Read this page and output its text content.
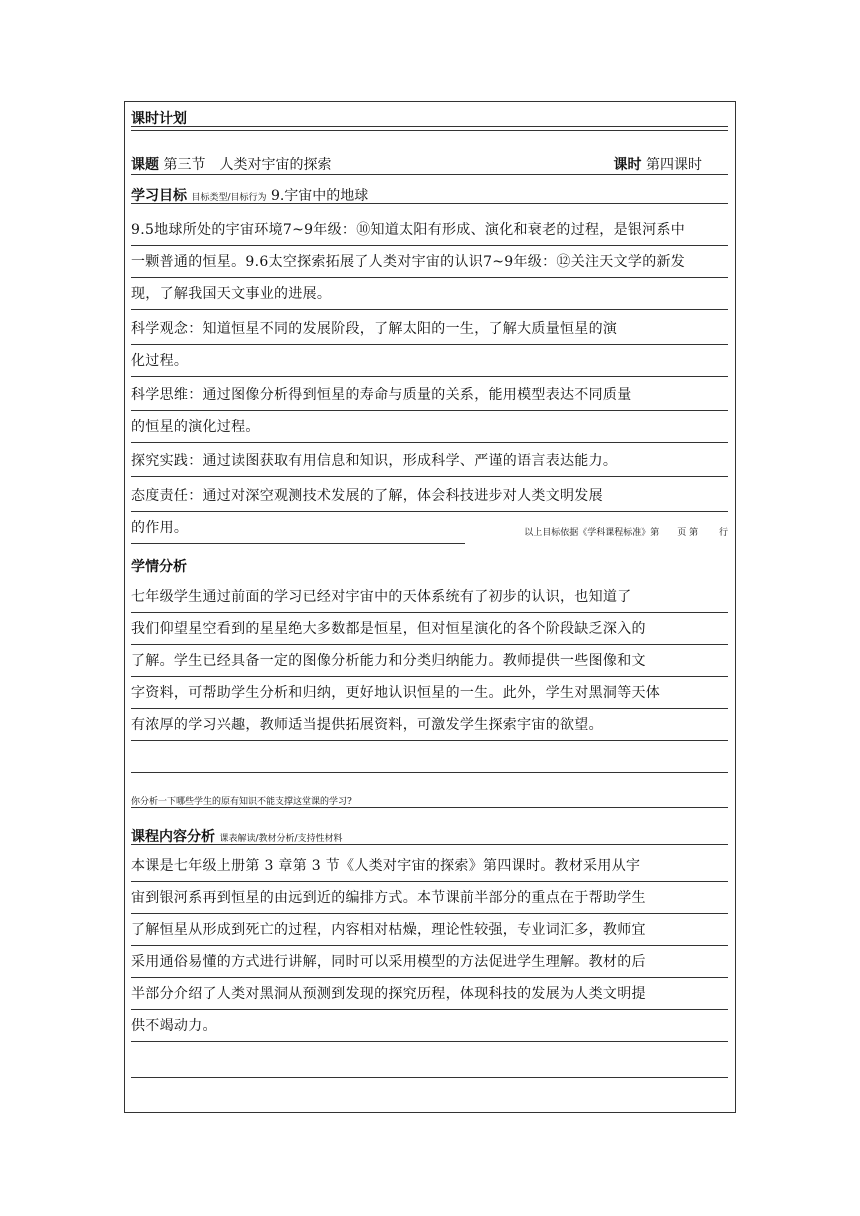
课时计划
课题 第三节　人类对宇宙的探索	课时 第四课时
学习目标 目标类型/目标行为 9.宇宙中的地球
9.5地球所处的宇宙环境7~9年级：⑩知道太阳有形成、演化和衰老的过程，是银河系中
一颗普通的恒星。9.6太空探索拓展了人类对宇宙的认识7~9年级：⑫关注天文学的新发
现，了解我国天文事业的进展。
科学观念：知道恒星不同的发展阶段，了解太阳的一生，了解大质量恒星的演
化过程。
科学思维：通过图像分析得到恒星的寿命与质量的关系，能用模型表达不同质量
的恒星的演化过程。
探究实践：通过读图获取有用信息和知识，形成科学、严谨的语言表达能力。
态度责任：通过对深空观测技术发展的了解，体会科技进步对人类文明发展
的作用。	以上目标依据《学科课程标准》第　　页 第　　 行
学情分析
七年级学生通过前面的学习已经对宇宙中的天体系统有了初步的认识，也知道了
我们仰望星空看到的星星绝大多数都是恒星，但对恒星演化的各个阶段缺乏深入的
了解。学生已经具备一定的图像分析能力和分类归纳能力。教师提供一些图像和文
字资料，可帮助学生分析和归纳，更好地认识恒星的一生。此外，学生对黑洞等天体
有浓厚的学习兴趣，教师适当提供拓展资料，可激发学生探索宇宙的欲望。
你分析一下哪些学生的原有知识不能支撑这堂课的学习?
课程内容分析 课表解读/教材分析/支持性材料
本课是七年级上册第 3 章第 3 节《人类对宇宙的探索》第四课时。教材采用从宇
宙到银河系再到恒星的由远到近的编排方式。本节课前半部分的重点在于帮助学生
了解恒星从形成到死亡的过程，内容相对枯燥，理论性较强，专业词汇多，教师宜
采用通俗易懂的方式进行讲解，同时可以采用模型的方法促进学生理解。教材的后
半部分介绍了人类对黑洞从预测到发现的探究历程，体现科技的发展为人类文明提
供不竭动力。
